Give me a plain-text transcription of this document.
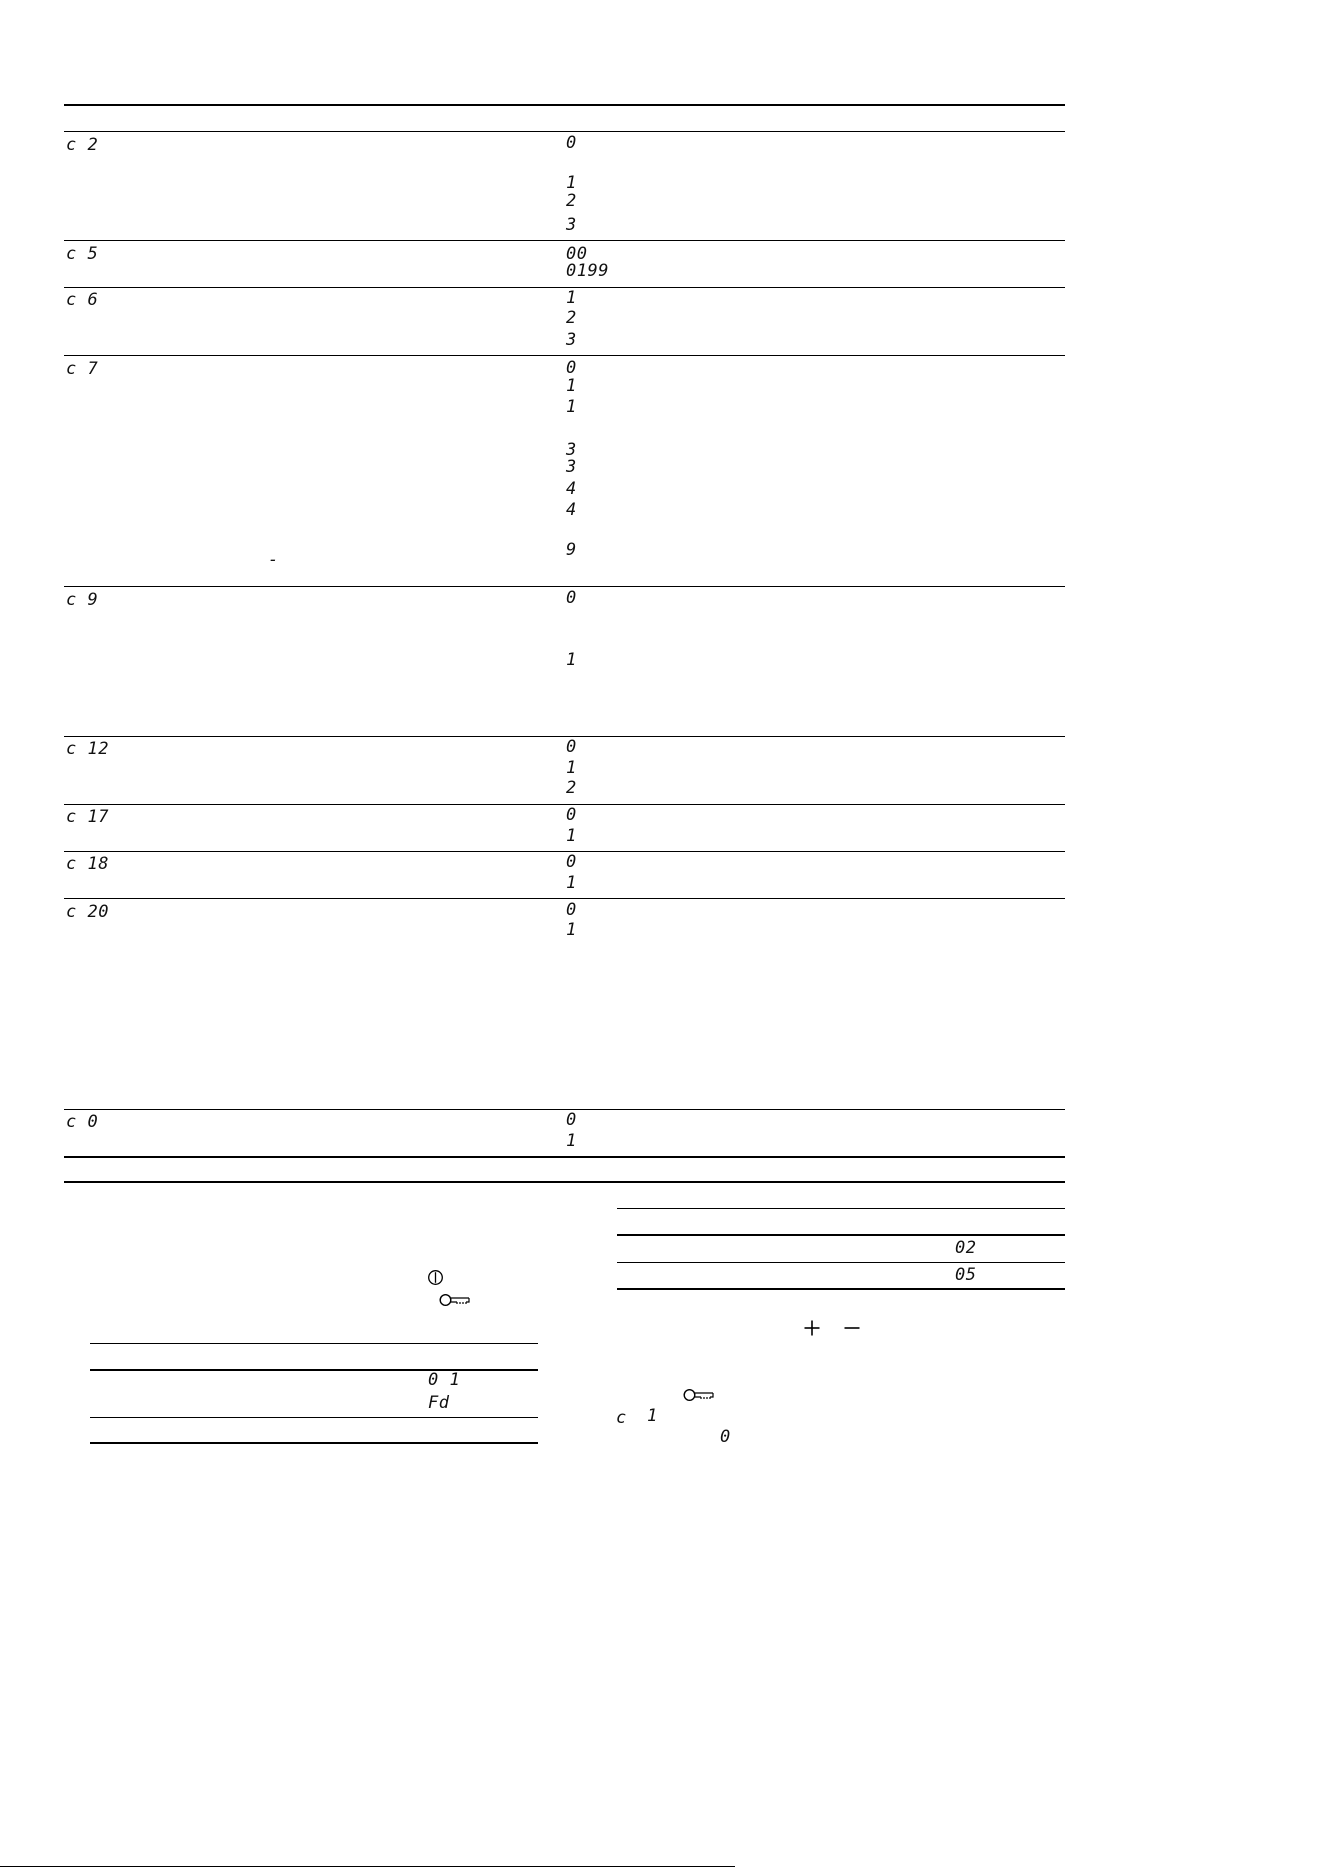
c 2	0
1
2
3
c 5	00
0199
c 6	1
2
3
c 7	0
1
1
3
3
4
4
9
-
c 9	0
1
c 12	0
1
2
c 17	0
1
c 18	0
1
c 20	0
1
c 0	0
1
0 1
Fd
02
05
c 1
0
